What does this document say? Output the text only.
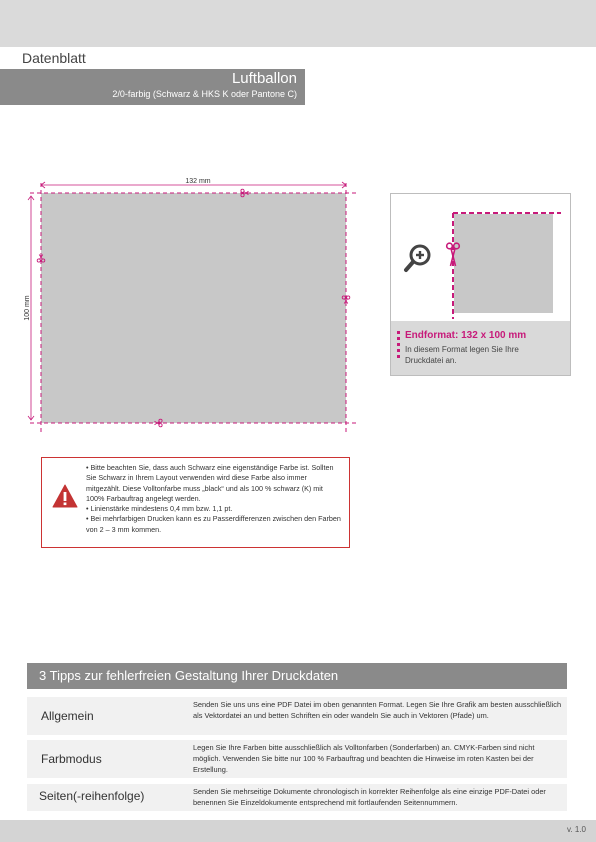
Datenblatt
Luftballon
2/0-farbig (Schwarz & HKS K oder Pantone C)
132 mm
100 mm
Endformat: 132 x 100 mm
In diesem Format legen Sie Ihre Druckdatei an.
• Bitte beachten Sie, dass auch Schwarz eine eigenständige Farbe ist. Sollten Sie Schwarz in Ihrem Layout verwenden wird diese Farbe also immer mitgezählt. Diese Volltonfarbe muss „black“ und als 100 % schwarz (K) mit 100% Farbauftrag angelegt werden.
• Linienstärke mindestens 0,4 mm bzw. 1,1 pt.
• Bei mehrfarbigen Drucken kann es zu Passerdifferenzen zwischen den Farben von 2 – 3 mm kommen.
3 Tipps zur fehlerfreien Gestaltung Ihrer Druckdaten
Allgemein
Senden Sie uns uns eine PDF Datei im oben genannten Format. Legen Sie Ihre Grafik am besten ausschließlich als Vektordatei an und betten Schriften ein oder wandeln Sie auch in Vektoren (Pfade) um.
Farbmodus
Legen Sie Ihre Farben bitte ausschließlich als Volltonfarben (Sonderfarben) an. CMYK-Farben sind nicht möglich. Verwenden Sie bitte nur 100 % Farbauftrag und beachten die Hinweise im roten Kasten bei der Erstellung.
Seiten(-reihenfolge)	Senden Sie mehrseitige Dokumente chronologisch in korrekter Reihenfolge als eine einzige PDF-Datei oder benennen Sie Einzeldokumente entsprechend mit fortlaufenden Seitennummern.
v. 1.0
